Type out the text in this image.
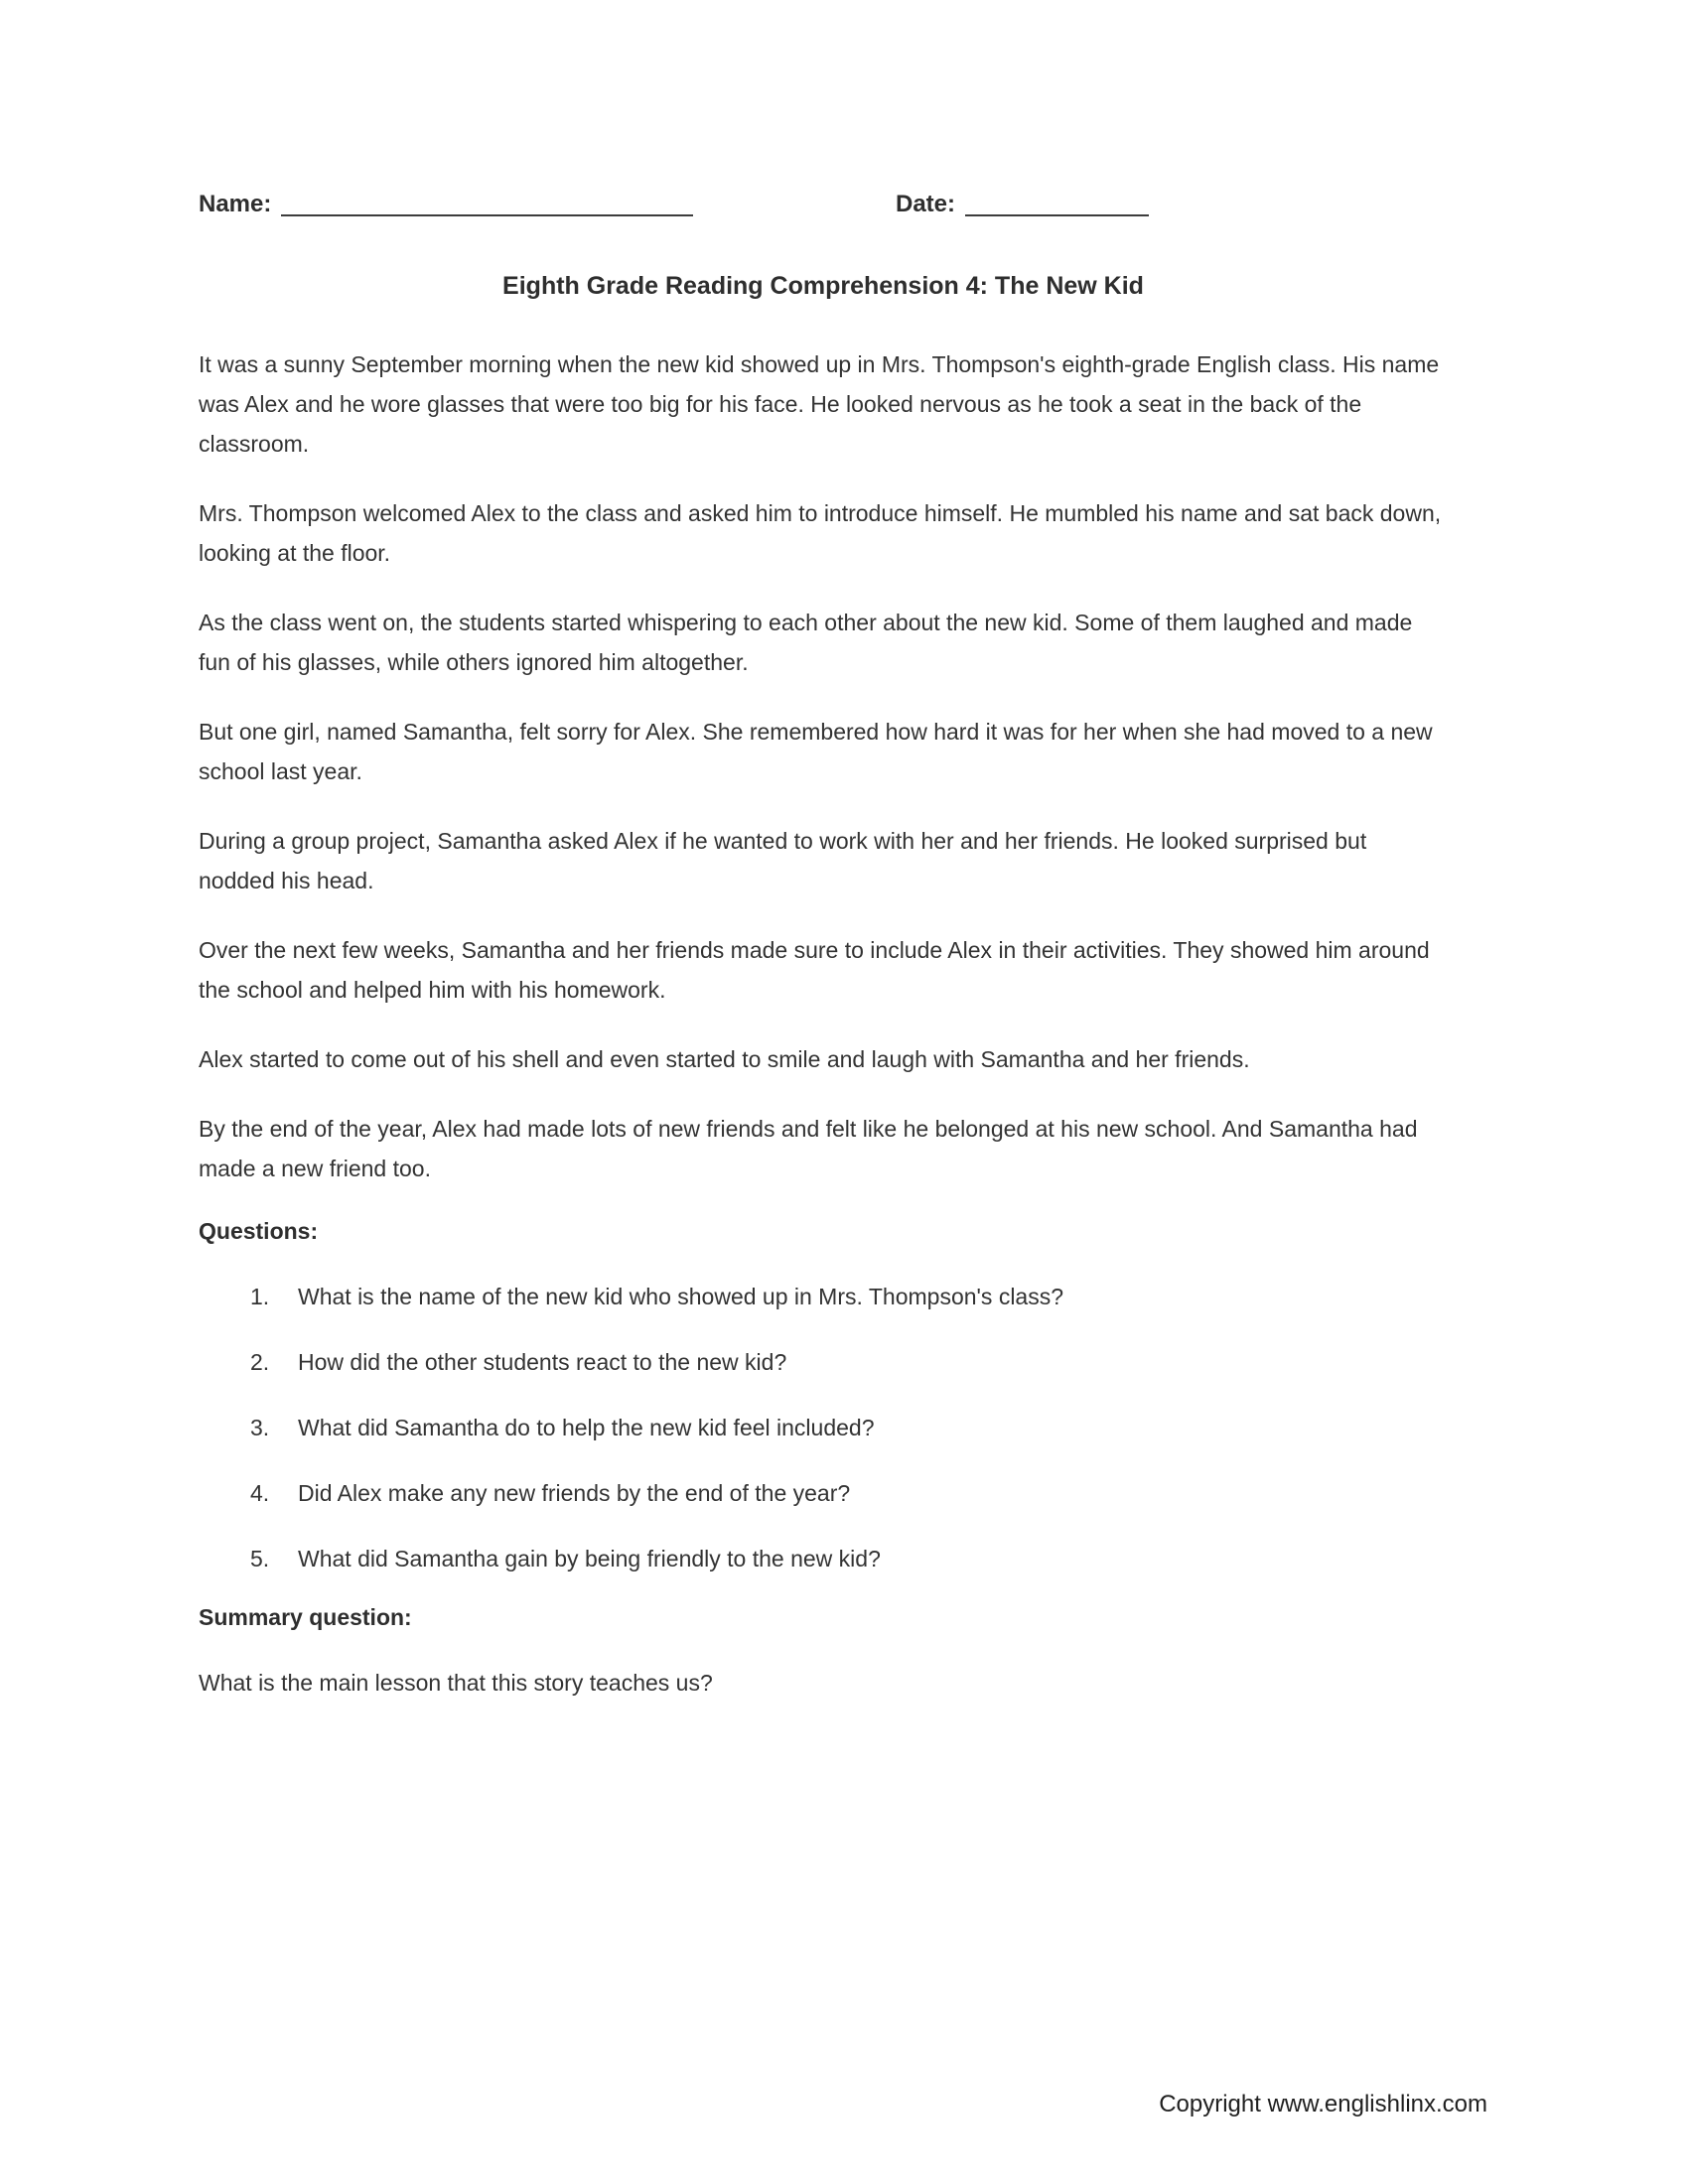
Name:	Date:
Eighth Grade Reading Comprehension 4: The New Kid

It was a sunny September morning when the new kid showed up in Mrs. Thompson's eighth-grade English class. His name was Alex and he wore glasses that were too big for his face. He looked nervous as he took a seat in the back of the classroom.

Mrs. Thompson welcomed Alex to the class and asked him to introduce himself. He mumbled his name and sat back down, looking at the floor.

As the class went on, the students started whispering to each other about the new kid. Some of them laughed and made fun of his glasses, while others ignored him altogether.

But one girl, named Samantha, felt sorry for Alex. She remembered how hard it was for her when she had moved to a new school last year.

During a group project, Samantha asked Alex if he wanted to work with her and her friends. He looked surprised but nodded his head.

Over the next few weeks, Samantha and her friends made sure to include Alex in their activities. They showed him around the school and helped him with his homework.

Alex started to come out of his shell and even started to smile and laugh with Samantha and her friends.

By the end of the year, Alex had made lots of new friends and felt like he belonged at his new school. And Samantha had made a new friend too.

Questions:
1.	What is the name of the new kid who showed up in Mrs. Thompson's class?
2.	How did the other students react to the new kid?
3.	What did Samantha do to help the new kid feel included?
4.	Did Alex make any new friends by the end of the year?
5.	What did Samantha gain by being friendly to the new kid?
Summary question:
What is the main lesson that this story teaches us?
Copyright www.englishlinx.com
